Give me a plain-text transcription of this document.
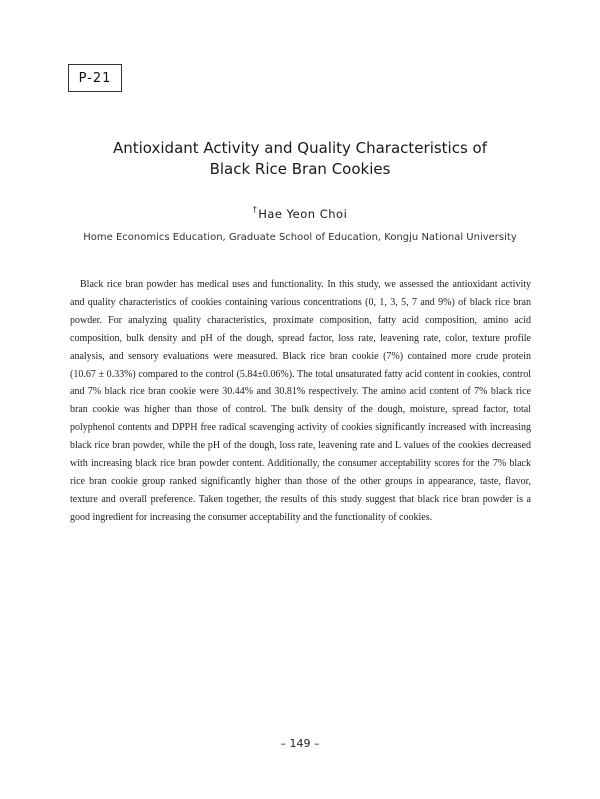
P-21
Antioxidant Activity and Quality Characteristics of
Black Rice Bran Cookies
†Hae Yeon Choi
Home Economics Education, Graduate School of Education, Kongju National University

Black rice bran powder has medical uses and functionality. In this study, we assessed the antioxidant activity and quality characteristics of cookies containing various concentrations (0, 1, 3, 5, 7 and 9%) of black rice bran powder. For analyzing quality characteristics, proximate composition, fatty acid composition, amino acid composition, bulk density and pH of the dough, spread factor, loss rate, leavening rate, color, texture profile analysis, and sensory evaluations were measured. Black rice bran cookie (7%) contained more crude protein (10.67 ± 0.33%) compared to the control (5.84±0.06%). The total unsaturated fatty acid content in cookies, control and 7% black rice bran cookie were 30.44% and 30.81% respectively. The amino acid content of 7% black rice bran cookie was higher than those of control. The bulk density of the dough, moisture, spread factor, total polyphenol contents and DPPH free radical scavenging activity of cookies significantly increased with increasing black rice bran powder, while the pH of the dough, loss rate, leavening rate and L values of the cookies decreased with increasing black rice bran powder content. Additionally, the consumer acceptability scores for the 7% black rice bran cookie group ranked significantly higher than those of the other groups in appearance, taste, flavor, texture and overall preference. Taken together, the results of this study suggest that black rice bran powder is a good ingredient for increasing the consumer acceptability and the functionality of cookies.

– 149 –
